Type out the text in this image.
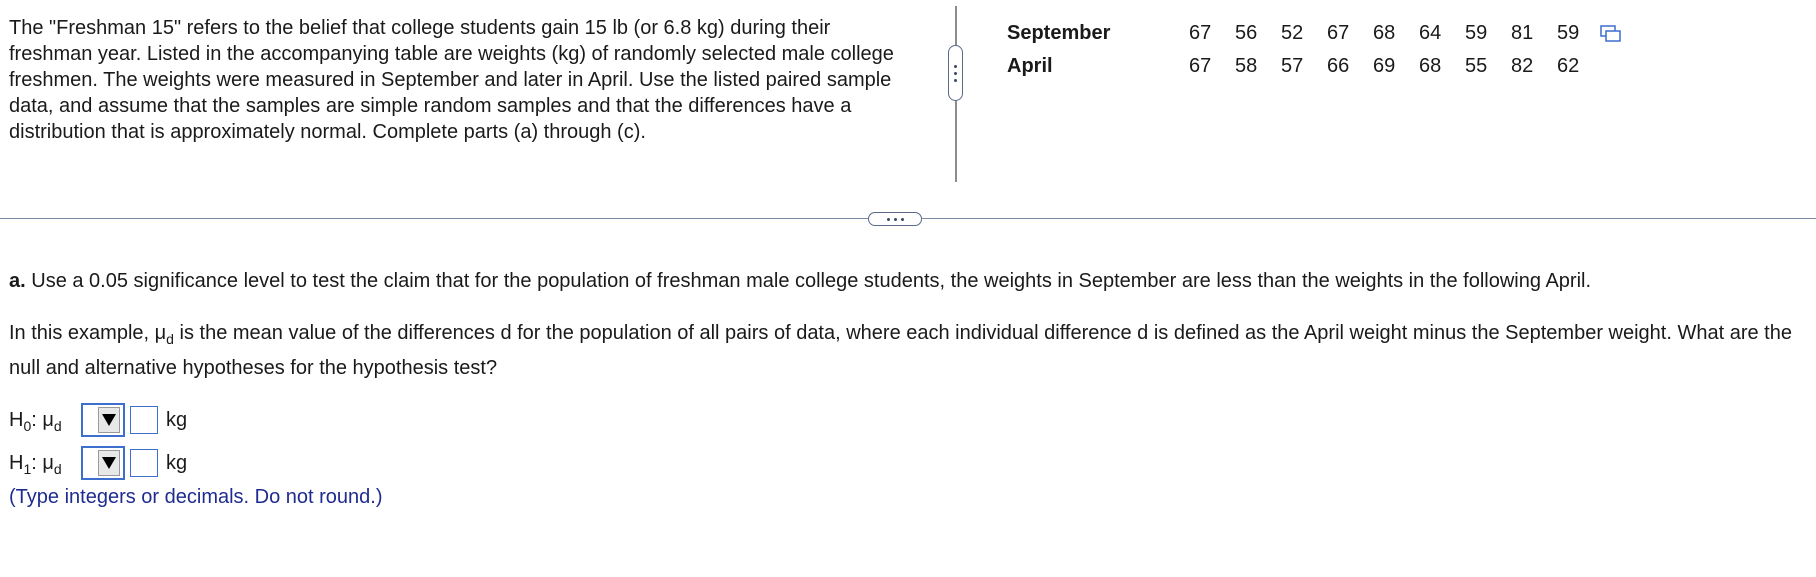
The "Freshman 15" refers to the belief that college students gain 15 lb (or 6.8 kg) during their freshman year. Listed in the accompanying table are weights (kg) of randomly selected male college freshmen. The weights were measured in September and later in April. Use the listed paired sample data, and assume that the samples are simple random samples and that the differences have a distribution that is approximately normal. Complete parts (a) through (c).
September	67	56	52	67	68	64	59	81	59
April	67	58	57	66	69	68	55	82	62
a. Use a 0.05 significance level to test the claim that for the population of freshman male college students, the weights in September are less than the weights in the following April.
In this example, $\mu_d$ is the mean value of the differences d for the population of all pairs of data, where each individual difference d is defined as the April weight minus the September weight. What are the null and alternative hypotheses for the hypothesis test?
$H_0$: $\mu_d$	kg
$H_1$: $\mu_d$	kg
(Type integers or decimals. Do not round.)
